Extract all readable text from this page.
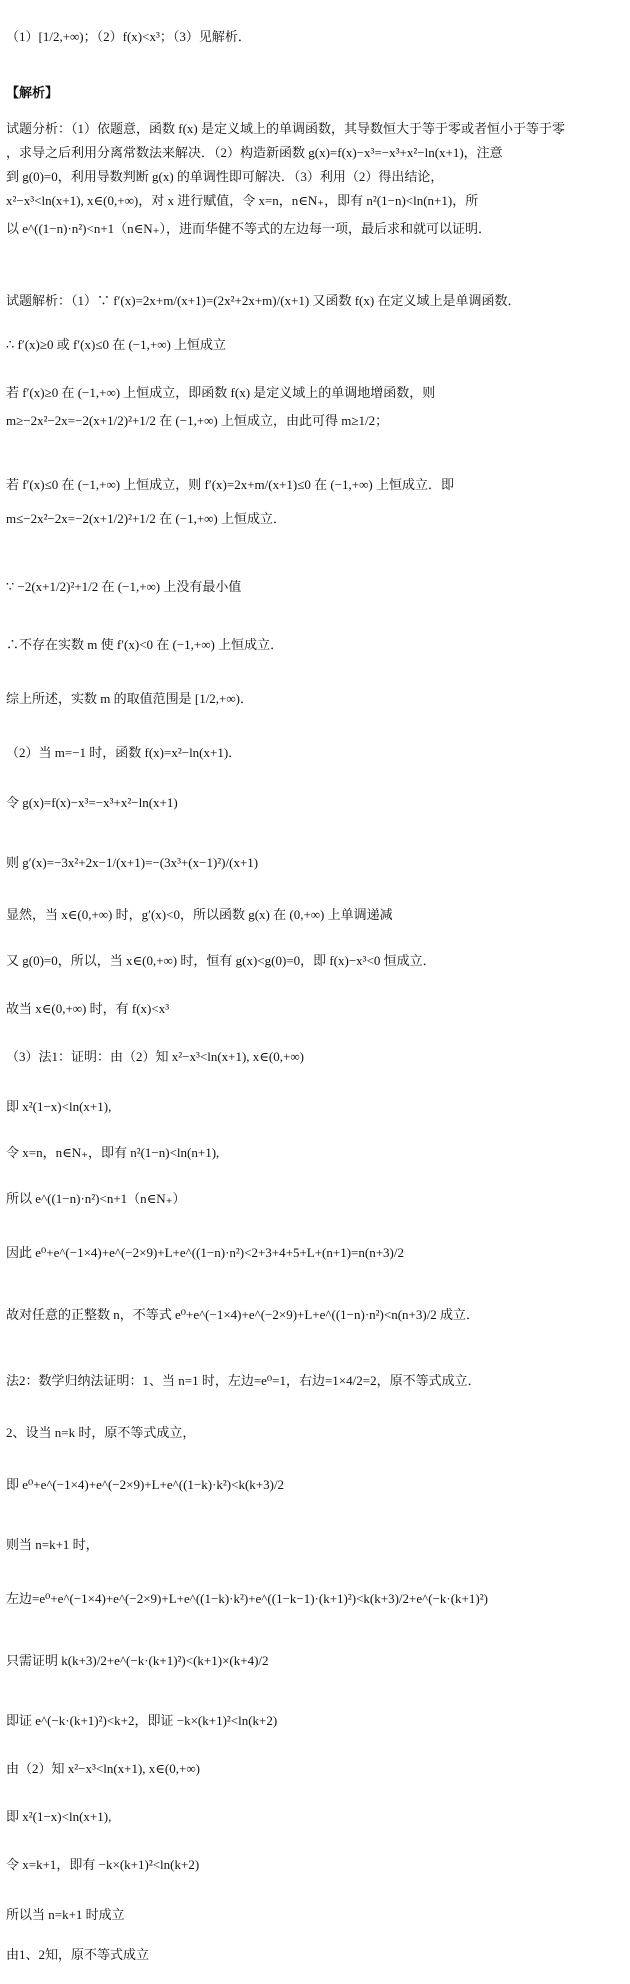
（1）[1/2,+∞)；（2）f(x)<x³；（3）见解析．
【解析】
试题分析：（1）依题意，函数 f(x) 是定义域上的单调函数，其导数恒大于等于零或者恒小于等于零
，求导之后利用分离常数法来解决．（2）构造新函数 g(x)=f(x)−x³=−x³+x²−ln(x+1)，注意
到 g(0)=0，利用导数判断 g(x) 的单调性即可解决．（3）利用（2）得出结论，
x²−x³<ln(x+1), x∈(0,+∞)，对 x 进行赋值，令 x=n，n∈N₊，即有 n²(1−n)<ln(n+1)，所
以 e^((1−n)·n²)<n+1（n∈N₊），进而华健不等式的左边每一项，最后求和就可以证明．
试题解析：（1）∵ f′(x)=2x+m/(x+1)=(2x²+2x+m)/(x+1) 又函数 f(x) 在定义域上是单调函数．
∴ f′(x)≥0 或 f′(x)≤0 在 (−1,+∞) 上恒成立
若 f′(x)≥0 在 (−1,+∞) 上恒成立，即函数 f(x) 是定义域上的单调地增函数，则
m≥−2x²−2x=−2(x+1/2)²+1/2 在 (−1,+∞) 上恒成立，由此可得 m≥1/2；
若 f′(x)≤0 在 (−1,+∞) 上恒成立，则 f′(x)=2x+m/(x+1)≤0 在 (−1,+∞) 上恒成立．即
m≤−2x²−2x=−2(x+1/2)²+1/2 在 (−1,+∞) 上恒成立．
∵ −2(x+1/2)²+1/2 在 (−1,+∞) 上没有最小值
∴不存在实数 m 使 f′(x)<0 在 (−1,+∞) 上恒成立．
综上所述，实数 m 的取值范围是 [1/2,+∞)．
（2）当 m=−1 时，函数 f(x)=x²−ln(x+1)．
令 g(x)=f(x)−x³=−x³+x²−ln(x+1)
则 g′(x)=−3x²+2x−1/(x+1)=−(3x³+(x−1)²)/(x+1)
显然，当 x∈(0,+∞) 时，g′(x)<0，所以函数 g(x) 在 (0,+∞) 上单调递减
又 g(0)=0，所以，当 x∈(0,+∞) 时，恒有 g(x)<g(0)=0，即 f(x)−x³<0 恒成立．
故当 x∈(0,+∞) 时，有 f(x)<x³
（3）法1：证明：由（2）知 x²−x³<ln(x+1), x∈(0,+∞)
即 x²(1−x)<ln(x+1),
令 x=n，n∈N₊，即有 n²(1−n)<ln(n+1),
所以 e^((1−n)·n²)<n+1（n∈N₊）
因此 e⁰+e^(−1×4)+e^(−2×9)+L+e^((1−n)·n²)<2+3+4+5+L+(n+1)=n(n+3)/2
故对任意的正整数 n，不等式 e⁰+e^(−1×4)+e^(−2×9)+L+e^((1−n)·n²)<n(n+3)/2 成立．
法2：数学归纳法证明：1、当 n=1 时，左边=e⁰=1，右边=1×4/2=2，原不等式成立．
2、设当 n=k 时，原不等式成立，
即 e⁰+e^(−1×4)+e^(−2×9)+L+e^((1−k)·k²)<k(k+3)/2
则当 n=k+1 时，
左边=e⁰+e^(−1×4)+e^(−2×9)+L+e^((1−k)·k²)+e^((1−k−1)·(k+1)²)<k(k+3)/2+e^(−k·(k+1)²)
只需证明 k(k+3)/2+e^(−k·(k+1)²)<(k+1)×(k+4)/2
即证 e^(−k·(k+1)²)<k+2，即证 −k×(k+1)²<ln(k+2)
由（2）知 x²−x³<ln(x+1), x∈(0,+∞)
即 x²(1−x)<ln(x+1),
令 x=k+1，即有 −k×(k+1)²<ln(k+2)
所以当 n=k+1 时成立
由1、2知，原不等式成立
